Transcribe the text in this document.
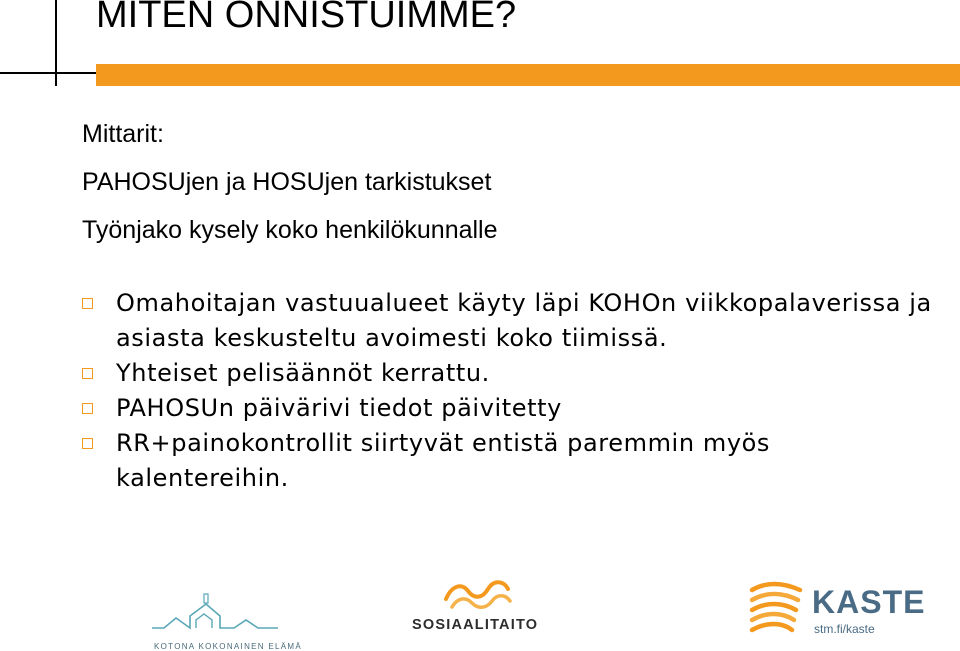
MITEN ONNISTUIMME?
Mittarit:
PAHOSUjen ja HOSUjen tarkistukset
Työnjako kysely koko henkilökunnalle
Omahoitajan vastuualueet käyty läpi KOHOn viikkopalaverissa ja asiasta keskusteltu avoimesti koko tiimissä.
Yhteiset pelisäännöt kerrattu.
PAHOSUn päivärivi tiedot päivitetty
RR+painokontrollit siirtyvät entistä paremmin myös kalentereihin.
KOTONA KOKONAINEN ELÄMÄ
SOSIAALITAITO
KASTE
stm.fi/kaste
